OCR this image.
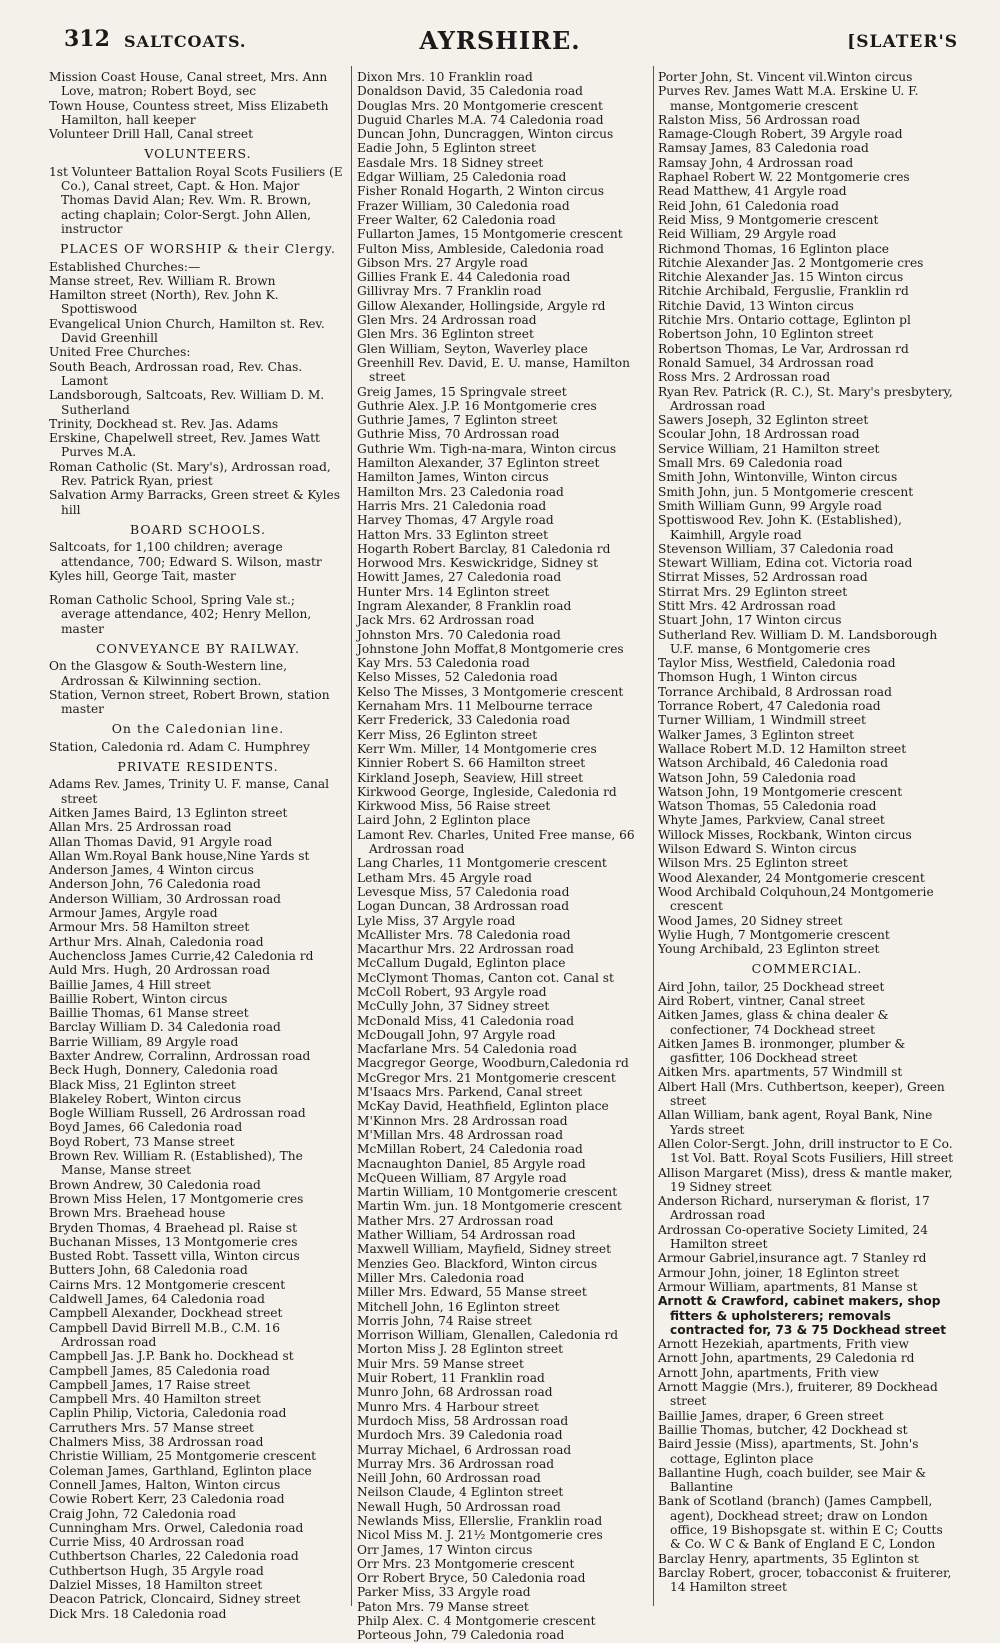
312 SALTCOATS.	AYRSHIRE.	[SLATER'S
Mission Coast House, Canal street, Mrs. Ann Love, matron; Robert Boyd, sec
Town House, Countess street, Miss Elizabeth Hamilton, hall keeper
Volunteer Drill Hall, Canal street
VOLUNTEERS.
1st Volunteer Battalion Royal Scots Fusiliers (E Co.), Canal street, Capt. & Hon. Major Thomas David Alan; Rev. Wm. R. Brown, acting chaplain; Color-Sergt. John Allen, instructor
PLACES OF WORSHIP & their Clergy.
Established Churches:—
Manse street, Rev. William R. Brown
Hamilton street (North), Rev. John K. Spottiswood
Evangelical Union Church, Hamilton st. Rev. David Greenhill
United Free Churches:
South Beach, Ardrossan road, Rev. Chas. Lamont
Landsborough, Saltcoats, Rev. William D. M. Sutherland
Trinity, Dockhead st. Rev. Jas. Adams
Erskine, Chapelwell street, Rev. James Watt Purves M.A.
Roman Catholic (St. Mary's), Ardrossan road, Rev. Patrick Ryan, priest
Salvation Army Barracks, Green street & Kyles hill
BOARD SCHOOLS.
Saltcoats, for 1,100 children; average attendance, 700; Edward S. Wilson, mastr
Kyles hill, George Tait, master
Roman Catholic School, Spring Vale st.; average attendance, 402; Henry Mellon, master
CONVEYANCE BY RAILWAY.
On the Glasgow & South-Western line, Ardrossan & Kilwinning section.
Station, Vernon street, Robert Brown, station master
On the Caledonian line.
Station, Caledonia rd. Adam C. Humphrey
PRIVATE RESIDENTS.
Adams Rev. James, Trinity U. F. manse, Canal street
Aitken James Baird, 13 Eglinton street
Allan Mrs. 25 Ardrossan road
Allan Thomas David, 91 Argyle road
Allan Wm.Royal Bank house,Nine Yards st
Anderson James, 4 Winton circus
Anderson John, 76 Caledonia road
Anderson William, 30 Ardrossan road
Armour James, Argyle road
Armour Mrs. 58 Hamilton street
Arthur Mrs. Alnah, Caledonia road
Auchencloss James Currie,42 Caledonia rd
Auld Mrs. Hugh, 20 Ardrossan road
Baillie James, 4 Hill street
Baillie Robert, Winton circus
Baillie Thomas, 61 Manse street
Barclay William D. 34 Caledonia road
Barrie William, 89 Argyle road
Baxter Andrew, Corralinn, Ardrossan road
Beck Hugh, Donnery, Caledonia road
Black Miss, 21 Eglinton street
Blakeley Robert, Winton circus
Bogle William Russell, 26 Ardrossan road
Boyd James, 66 Caledonia road
Boyd Robert, 73 Manse street
Brown Rev. William R. (Established), The Manse, Manse street
Brown Andrew, 30 Caledonia road
Brown Miss Helen, 17 Montgomerie cres
Brown Mrs. Braehead house
Bryden Thomas, 4 Braehead pl. Raise st
Buchanan Misses, 13 Montgomerie cres
Busted Robt. Tassett villa, Winton circus
Butters John, 68 Caledonia road
Cairns Mrs. 12 Montgomerie crescent
Caldwell James, 64 Caledonia road
Campbell Alexander, Dockhead street
Campbell David Birrell M.B., C.M. 16 Ardrossan road
Campbell Jas. J.P. Bank ho. Dockhead st
Campbell James, 85 Caledonia road
Campbell James, 17 Raise street
Campbell Mrs. 40 Hamilton street
Caplin Philip, Victoria, Caledonia road
Carruthers Mrs. 57 Manse street
Chalmers Miss, 38 Ardrossan road
Christie William, 25 Montgomerie crescent
Coleman James, Garthland, Eglinton place
Connell James, Halton, Winton circus
Cowie Robert Kerr, 23 Caledonia road
Craig John, 72 Caledonia road
Cunningham Mrs. Orwel, Caledonia road
Currie Miss, 40 Ardrossan road
Cuthbertson Charles, 22 Caledonia road
Cuthbertson Hugh, 35 Argyle road
Dalziel Misses, 18 Hamilton street
Deacon Patrick, Cloncaird, Sidney street
Dick Mrs. 18 Caledonia road
Dixon Mrs. 10 Franklin road
Donaldson David, 35 Caledonia road
Douglas Mrs. 20 Montgomerie crescent
Duguid Charles M.A. 74 Caledonia road
Duncan John, Duncraggen, Winton circus
Eadie John, 5 Eglinton street
Easdale Mrs. 18 Sidney street
Edgar William, 25 Caledonia road
Fisher Ronald Hogarth, 2 Winton circus
Frazer William, 30 Caledonia road
Freer Walter, 62 Caledonia road
Fullarton James, 15 Montgomerie crescent
Fulton Miss, Ambleside, Caledonia road
Gibson Mrs. 27 Argyle road
Gillies Frank E. 44 Caledonia road
Gillivray Mrs. 7 Franklin road
Gillow Alexander, Hollingside, Argyle rd
Glen Mrs. 24 Ardrossan road
Glen Mrs. 36 Eglinton street
Glen William, Seyton, Waverley place
Greenhill Rev. David, E. U. manse, Hamilton street
Greig James, 15 Springvale street
Guthrie Alex. J.P. 16 Montgomerie cres
Guthrie James, 7 Eglinton street
Guthrie Miss, 70 Ardrossan road
Guthrie Wm. Tigh-na-mara, Winton circus
Hamilton Alexander, 37 Eglinton street
Hamilton James, Winton circus
Hamilton Mrs. 23 Caledonia road
Harris Mrs. 21 Caledonia road
Harvey Thomas, 47 Argyle road
Hatton Mrs. 33 Eglinton street
Hogarth Robert Barclay, 81 Caledonia rd
Horwood Mrs. Keswickridge, Sidney st
Howitt James, 27 Caledonia road
Hunter Mrs. 14 Eglinton street
Ingram Alexander, 8 Franklin road
Jack Mrs. 62 Ardrossan road
Johnston Mrs. 70 Caledonia road
Johnstone John Moffat,8 Montgomerie cres
Kay Mrs. 53 Caledonia road
Kelso Misses, 52 Caledonia road
Kelso The Misses, 3 Montgomerie crescent
Kernaham Mrs. 11 Melbourne terrace
Kerr Frederick, 33 Caledonia road
Kerr Miss, 26 Eglinton street
Kerr Wm. Miller, 14 Montgomerie cres
Kinnier Robert S. 66 Hamilton street
Kirkland Joseph, Seaview, Hill street
Kirkwood George, Ingleside, Caledonia rd
Kirkwood Miss, 56 Raise street
Laird John, 2 Eglinton place
Lamont Rev. Charles, United Free manse, 66 Ardrossan road
Lang Charles, 11 Montgomerie crescent
Letham Mrs. 45 Argyle road
Levesque Miss, 57 Caledonia road
Logan Duncan, 38 Ardrossan road
Lyle Miss, 37 Argyle road
McAllister Mrs. 78 Caledonia road
Macarthur Mrs. 22 Ardrossan road
McCallum Dugald, Eglinton place
McClymont Thomas, Canton cot. Canal st
McColl Robert, 93 Argyle road
McCully John, 37 Sidney street
McDonald Miss, 41 Caledonia road
McDougall John, 97 Argyle road
Macfarlane Mrs. 54 Caledonia road
Macgregor George, Woodburn,Caledonia rd
McGregor Mrs. 21 Montgomerie crescent
M'Isaacs Mrs. Parkend, Canal street
McKay David, Heathfield, Eglinton place
M'Kinnon Mrs. 28 Ardrossan road
M'Millan Mrs. 48 Ardrossan road
McMillan Robert, 24 Caledonia road
Macnaughton Daniel, 85 Argyle road
McQueen William, 87 Argyle road
Martin William, 10 Montgomerie crescent
Martin Wm. jun. 18 Montgomerie crescent
Mather Mrs. 27 Ardrossan road
Mather William, 54 Ardrossan road
Maxwell William, Mayfield, Sidney street
Menzies Geo. Blackford, Winton circus
Miller Mrs. Caledonia road
Miller Mrs. Edward, 55 Manse street
Mitchell John, 16 Eglinton street
Morris John, 74 Raise street
Morrison William, Glenallen, Caledonia rd
Morton Miss J. 28 Eglinton street
Muir Mrs. 59 Manse street
Muir Robert, 11 Franklin road
Munro John, 68 Ardrossan road
Munro Mrs. 4 Harbour street
Murdoch Miss, 58 Ardrossan road
Murdoch Mrs. 39 Caledonia road
Murray Michael, 6 Ardrossan road
Murray Mrs. 36 Ardrossan road
Neill John, 60 Ardrossan road
Neilson Claude, 4 Eglinton street
Newall Hugh, 50 Ardrossan road
Newlands Miss, Ellerslie, Franklin road
Nicol Miss M. J. 21½ Montgomerie cres
Orr James, 17 Winton circus
Orr Mrs. 23 Montgomerie crescent
Orr Robert Bryce, 50 Caledonia road
Parker Miss, 33 Argyle road
Paton Mrs. 79 Manse street
Philp Alex. C. 4 Montgomerie crescent
Porteous John, 79 Caledonia road
Porter John, St. Vincent vil.Winton circus
Purves Rev. James Watt M.A. Erskine U. F. manse, Montgomerie crescent
Ralston Miss, 56 Ardrossan road
Ramage-Clough Robert, 39 Argyle road
Ramsay James, 83 Caledonia road
Ramsay John, 4 Ardrossan road
Raphael Robert W. 22 Montgomerie cres
Read Matthew, 41 Argyle road
Reid John, 61 Caledonia road
Reid Miss, 9 Montgomerie crescent
Reid William, 29 Argyle road
Richmond Thomas, 16 Eglinton place
Ritchie Alexander Jas. 2 Montgomerie cres
Ritchie Alexander Jas. 15 Winton circus
Ritchie Archibald, Ferguslie, Franklin rd
Ritchie David, 13 Winton circus
Ritchie Mrs. Ontario cottage, Eglinton pl
Robertson John, 10 Eglinton street
Robertson Thomas, Le Var, Ardrossan rd
Ronald Samuel, 34 Ardrossan road
Ross Mrs. 2 Ardrossan road
Ryan Rev. Patrick (R. C.), St. Mary's presbytery, Ardrossan road
Sawers Joseph, 32 Eglinton street
Scoular John, 18 Ardrossan road
Service William, 21 Hamilton street
Small Mrs. 69 Caledonia road
Smith John, Wintonville, Winton circus
Smith John, jun. 5 Montgomerie crescent
Smith William Gunn, 99 Argyle road
Spottiswood Rev. John K. (Established), Kaimhill, Argyle road
Stevenson William, 37 Caledonia road
Stewart William, Edina cot. Victoria road
Stirrat Misses, 52 Ardrossan road
Stirrat Mrs. 29 Eglinton street
Stitt Mrs. 42 Ardrossan road
Stuart John, 17 Winton circus
Sutherland Rev. William D. M. Landsborough U.F. manse, 6 Montgomerie cres
Taylor Miss, Westfield, Caledonia road
Thomson Hugh, 1 Winton circus
Torrance Archibald, 8 Ardrossan road
Torrance Robert, 47 Caledonia road
Turner William, 1 Windmill street
Walker James, 3 Eglinton street
Wallace Robert M.D. 12 Hamilton street
Watson Archibald, 46 Caledonia road
Watson John, 59 Caledonia road
Watson John, 19 Montgomerie crescent
Watson Thomas, 55 Caledonia road
Whyte James, Parkview, Canal street
Willock Misses, Rockbank, Winton circus
Wilson Edward S. Winton circus
Wilson Mrs. 25 Eglinton street
Wood Alexander, 24 Montgomerie crescent
Wood Archibald Colquhoun,24 Montgomerie crescent
Wood James, 20 Sidney street
Wylie Hugh, 7 Montgomerie crescent
Young Archibald, 23 Eglinton street
COMMERCIAL.
Aird John, tailor, 25 Dockhead street
Aird Robert, vintner, Canal street
Aitken James, glass & china dealer & confectioner, 74 Dockhead street
Aitken James B. ironmonger, plumber & gasfitter, 106 Dockhead street
Aitken Mrs. apartments, 57 Windmill st
Albert Hall (Mrs. Cuthbertson, keeper), Green street
Allan William, bank agent, Royal Bank, Nine Yards street
Allen Color-Sergt. John, drill instructor to E Co. 1st Vol. Batt. Royal Scots Fusiliers, Hill street
Allison Margaret (Miss), dress & mantle maker, 19 Sidney street
Anderson Richard, nurseryman & florist, 17 Ardrossan road
Ardrossan Co-operative Society Limited, 24 Hamilton street
Armour Gabriel,insurance agt. 7 Stanley rd
Armour John, joiner, 18 Eglinton street
Armour William, apartments, 81 Manse st
Arnott & Crawford, cabinet makers, shop fitters & upholsterers; removals contracted for, 73 & 75 Dockhead street
Arnott Hezekiah, apartments, Frith view
Arnott John, apartments, 29 Caledonia rd
Arnott John, apartments, Frith view
Arnott Maggie (Mrs.), fruiterer, 89 Dockhead street
Baillie James, draper, 6 Green street
Baillie Thomas, butcher, 42 Dockhead st
Baird Jessie (Miss), apartments, St. John's cottage, Eglinton place
Ballantine Hugh, coach builder, see Mair & Ballantine
Bank of Scotland (branch) (James Campbell, agent), Dockhead street; draw on London office, 19 Bishopsgate st. within E C; Coutts & Co. W C & Bank of England E C, London
Barclay Henry, apartments, 35 Eglinton st
Barclay Robert, grocer, tobacconist & fruiterer, 14 Hamilton street
